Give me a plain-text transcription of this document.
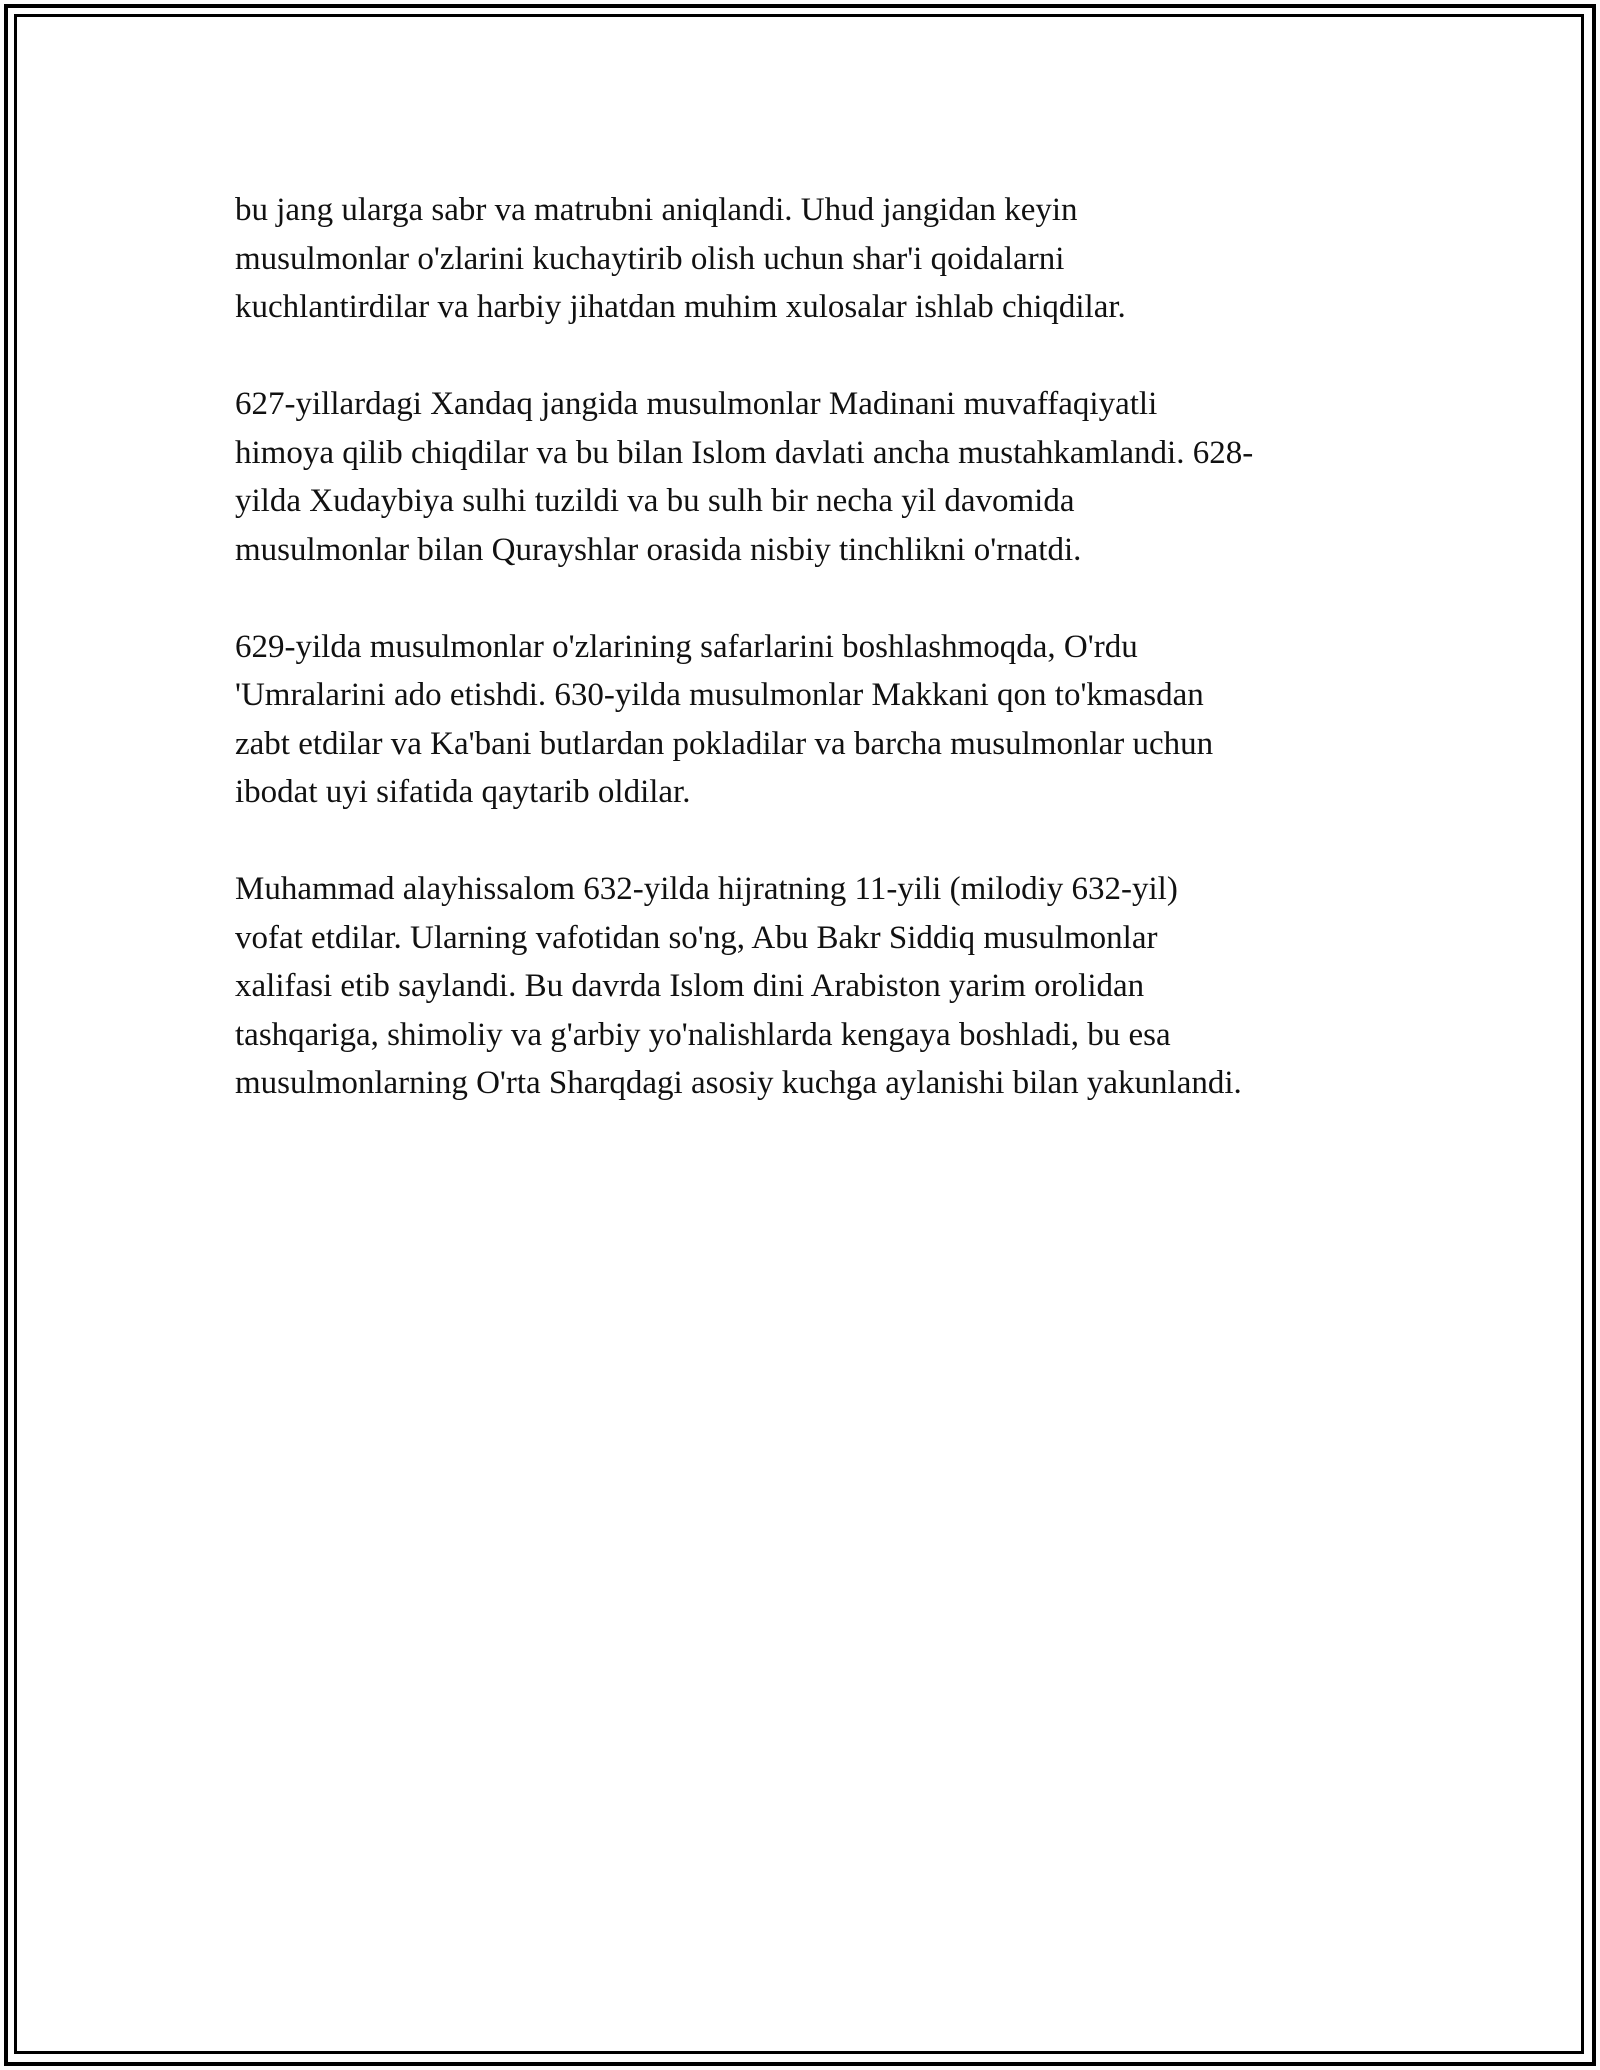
bu jang ularga sabr va matrubni aniqlandi. Uhud jangidan keyin
musulmonlar o'zlarini kuchaytirib olish uchun shar'i qoidalarni
kuchlantirdilar va harbiy jihatdan muhim xulosalar ishlab chiqdilar.

627-yillardagi Xandaq jangida musulmonlar Madinani muvaffaqiyatli
himoya qilib chiqdilar va bu bilan Islom davlati ancha mustahkamlandi. 628-
yilda Xudaybiya sulhi tuzildi va bu sulh bir necha yil davomida
musulmonlar bilan Qurayshlar orasida nisbiy tinchlikni o'rnatdi.

629-yilda musulmonlar o'zlarining safarlarini boshlashmoqda, O'rdu
'Umralarini ado etishdi. 630-yilda musulmonlar Makkani qon to'kmasdan
zabt etdilar va Ka'bani butlardan pokladilar va barcha musulmonlar uchun
ibodat uyi sifatida qaytarib oldilar.

Muhammad alayhissalom 632-yilda hijratning 11-yili (milodiy 632-yil)
vofat etdilar. Ularning vafotidan so'ng, Abu Bakr Siddiq musulmonlar
xalifasi etib saylandi. Bu davrda Islom dini Arabiston yarim orolidan
tashqariga, shimoliy va g'arbiy yo'nalishlarda kengaya boshladi, bu esa
musulmonlarning O'rta Sharqdagi asosiy kuchga aylanishi bilan yakunlandi.
